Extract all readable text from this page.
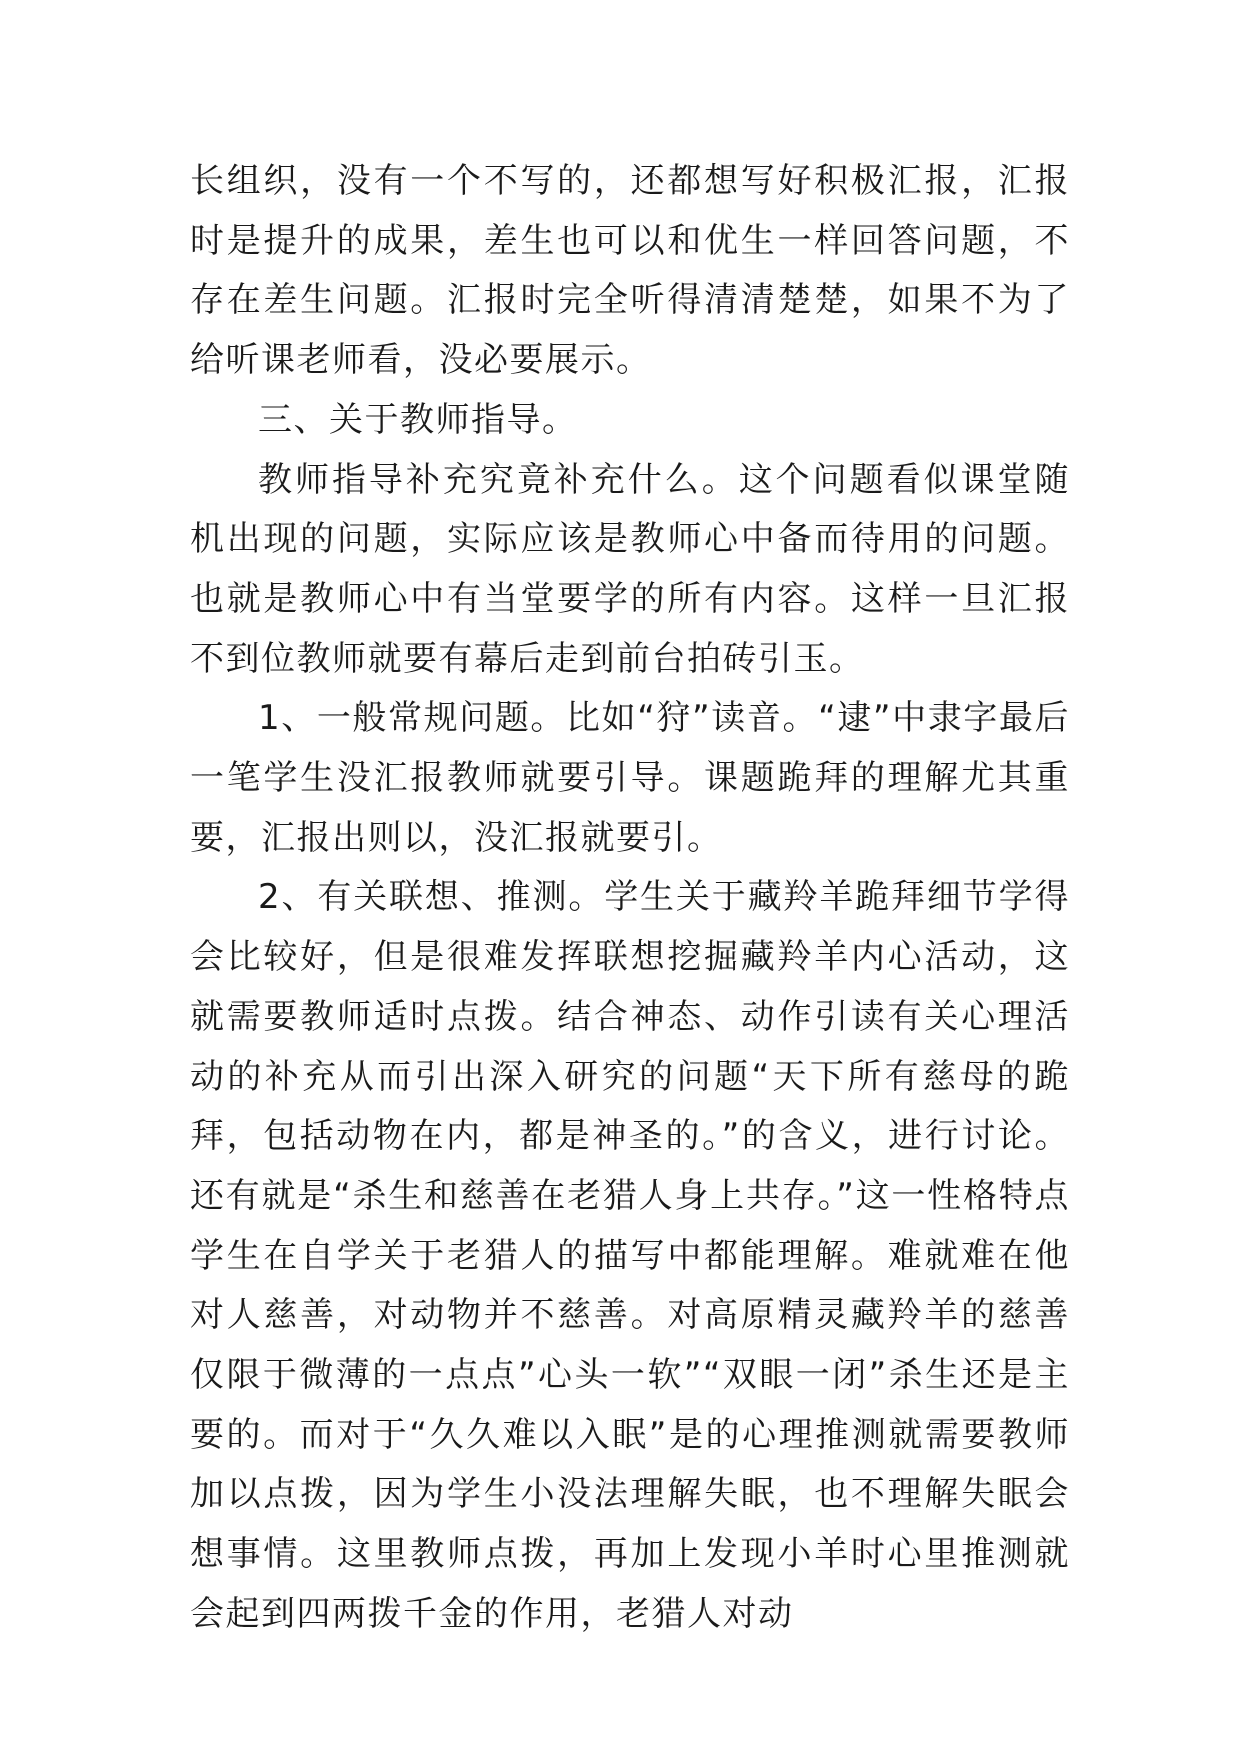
长组织，没有一个不写的，还都想写好积极汇报，汇报时是提升的成果，差生也可以和优生一样回答问题，不存在差生问题。汇报时完全听得清清楚楚，如果不为了给听课老师看，没必要展示。

三、关于教师指导。

教师指导补充究竟补充什么。这个问题看似课堂随机出现的问题，实际应该是教师心中备而待用的问题。也就是教师心中有当堂要学的所有内容。这样一旦汇报不到位教师就要有幕后走到前台拍砖引玉。

1、一般常规问题。比如“狩”读音。“逮”中隶字最后一笔学生没汇报教师就要引导。课题跪拜的理解尤其重要，汇报出则以，没汇报就要引。

2、有关联想、推测。学生关于藏羚羊跪拜细节学得会比较好，但是很难发挥联想挖掘藏羚羊内心活动，这就需要教师适时点拨。结合神态、动作引读有关心理活动的补充从而引出深入研究的问题“天下所有慈母的跪拜，包括动物在内，都是神圣的。”的含义，进行讨论。还有就是“杀生和慈善在老猎人身上共存。”这一性格特点学生在自学关于老猎人的描写中都能理解。难就难在他对人慈善，对动物并不慈善。对高原精灵藏羚羊的慈善仅限于微薄的一点点”心头一软”“双眼一闭”杀生还是主要的。而对于“久久难以入眠”是的心理推测就需要教师加以点拨，因为学生小没法理解失眠，也不理解失眠会想事情。这里教师点拨，再加上发现小羊时心里推测就会起到四两拨千金的作用，老猎人对动
